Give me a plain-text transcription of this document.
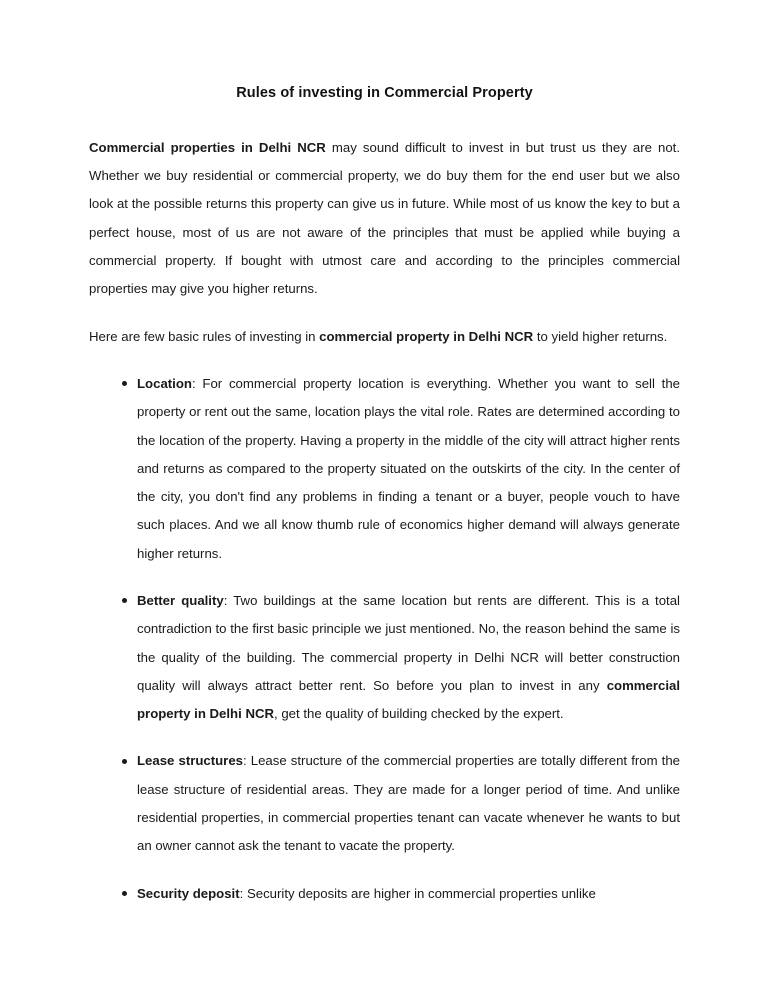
Rules of investing in Commercial Property

Commercial properties in Delhi NCR may sound difficult to invest in but trust us they are not. Whether we buy residential or commercial property, we do buy them for the end user but we also look at the possible returns this property can give us in future. While most of us know the key to but a perfect house, most of us are not aware of the principles that must be applied while buying a commercial property. If bought with utmost care and according to the principles commercial properties may give you higher returns.

Here are few basic rules of investing in commercial property in Delhi NCR to yield higher returns.

Location: For commercial property location is everything. Whether you want to sell the property or rent out the same, location plays the vital role. Rates are determined according to the location of the property. Having a property in the middle of the city will attract higher rents and returns as compared to the property situated on the outskirts of the city. In the center of the city, you don't find any problems in finding a tenant or a buyer, people vouch to have such places. And we all know thumb rule of economics higher demand will always generate higher returns.
Better quality: Two buildings at the same location but rents are different. This is a total contradiction to the first basic principle we just mentioned. No, the reason behind the same is the quality of the building. The commercial property in Delhi NCR will better construction quality will always attract better rent. So before you plan to invest in any commercial property in Delhi NCR, get the quality of building checked by the expert.
Lease structures: Lease structure of the commercial properties are totally different from the lease structure of residential areas. They are made for a longer period of time. And unlike residential properties, in commercial properties tenant can vacate whenever he wants to but an owner cannot ask the tenant to vacate the property.
Security deposit: Security deposits are higher in commercial properties unlike
